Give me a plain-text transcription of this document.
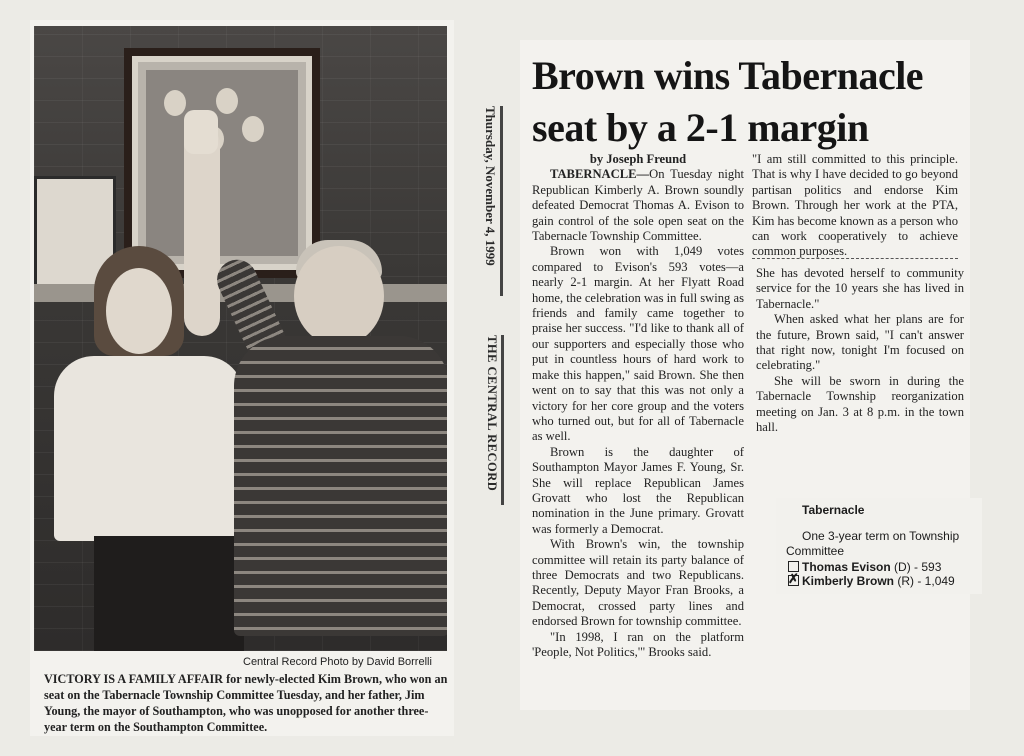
Central Record Photo by David Borrelli
VICTORY IS A FAMILY AFFAIR for newly-elected Kim Brown, who won an seat on the Tabernacle Township Committee Tuesday, and her father, Jim Young, the mayor of Southampton, who was unopposed for another three-year term on the Southampton Committee.
Thursday, November 4, 1999
THE CENTRAL RECORD
Brown wins Tabernacle seat by a 2-1 margin
by Joseph Freund

TABERNACLE—On Tuesday night Republican Kimberly A. Brown soundly defeated Democrat Thomas A. Evison to gain control of the sole open seat on the Tabernacle Township Committee.

Brown won with 1,049 votes compared to Evison's 593 votes—a nearly 2-1 margin. At her Flyatt Road home, the celebration was in full swing as friends and family came together to praise her success. "I'd like to thank all of our supporters and especially those who put in countless hours of hard work to make this happen," said Brown. She then went on to say that this was not only a victory for her core group and the voters who turned out, but for all of Tabernacle as well.

Brown is the daughter of Southampton Mayor James F. Young, Sr. She will replace Republican James Grovatt who lost the Republican nomination in the June primary. Grovatt was formerly a Democrat.

With Brown's win, the township committee will retain its party balance of three Democrats and two Republicans. Recently, Deputy Mayor Fran Brooks, a Democrat, crossed party lines and endorsed Brown for township committee.

"In 1998, I ran on the platform 'People, Not Politics,'" Brooks said.

"I am still committed to this principle. That is why I have decided to go beyond partisan politics and endorse Kim Brown. Through her work at the PTA, Kim has become known as a person who can work cooperatively to achieve common purposes.

She has devoted herself to community service for the 10 years she has lived in Tabernacle."

When asked what her plans are for the future, Brown said, "I can't answer that right now, tonight I'm focused on celebrating."

She will be sworn in during the Tabernacle Township reorganization meeting on Jan. 3 at 8 p.m. in the town hall.

Tabernacle
One 3-year term on Township
Committee
Thomas Evison (D) - 593
✗Kimberly Brown (R) - 1,049
